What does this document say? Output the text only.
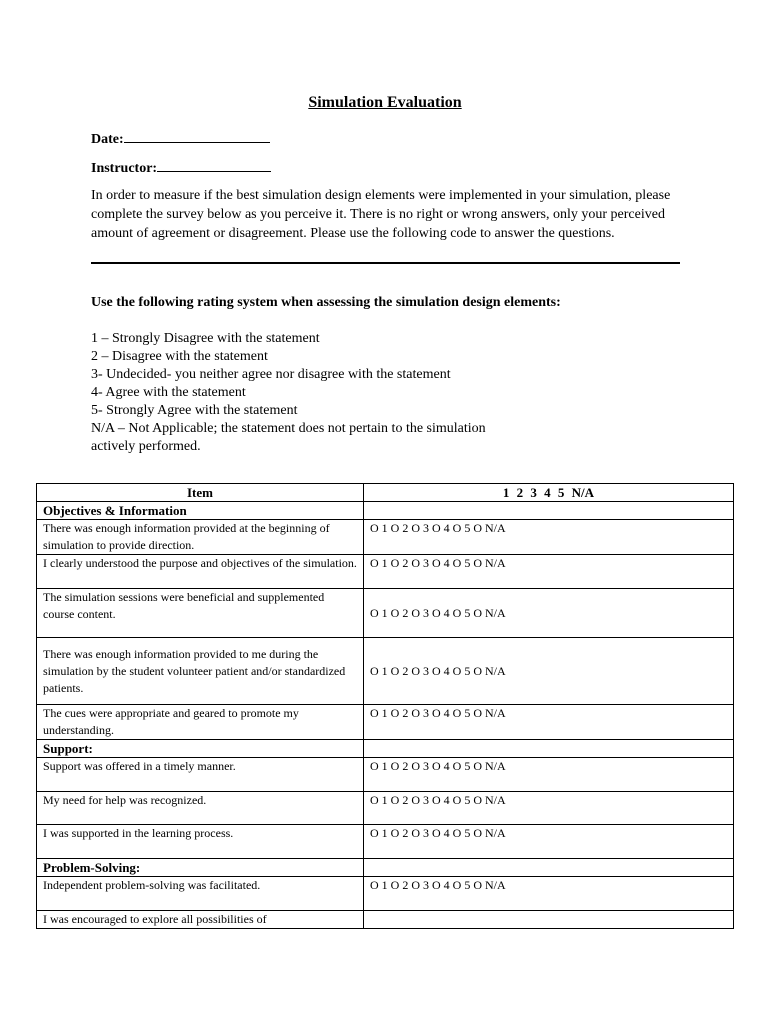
Simulation Evaluation
Date:
Instructor:
In order to measure if the best simulation design elements were implemented in your simulation, please complete the survey below as you perceive it. There is no right or wrong answers, only your perceived amount of agreement or disagreement. Please use the following code to answer the questions.
Use the following rating system when assessing the simulation design elements:
1 – Strongly Disagree with the statement
2 – Disagree with the statement
3- Undecided- you neither agree nor disagree with the statement
4- Agree with the statement
5- Strongly Agree with the statement
N/A – Not Applicable; the statement does not pertain to the simulation
actively performed.
Item	1 2 3 4 5 N/A
Objectives & Information	
There was enough information provided at the beginning of simulation to provide direction.	O 1 O 2 O 3 O 4 O 5 O N/A
I clearly understood the purpose and objectives of the simulation.	O 1 O 2 O 3 O 4 O 5 O N/A
The simulation sessions were beneficial and supplemented course content.	O 1 O 2 O 3 O 4 O 5 O N/A
There was enough information provided to me during the simulation by the student volunteer patient and/or standardized patients.	O 1 O 2 O 3 O 4 O 5 O N/A
The cues were appropriate and geared to promote my understanding.	O 1 O 2 O 3 O 4 O 5 O N/A
Support:	
Support was offered in a timely manner.	O 1 O 2 O 3 O 4 O 5 O N/A
My need for help was recognized.	O 1 O 2 O 3 O 4 O 5 O N/A
I was supported in the learning process.	O 1 O 2 O 3 O 4 O 5 O N/A
Problem-Solving:	
Independent problem-solving was facilitated.	O 1 O 2 O 3 O 4 O 5 O N/A
I was encouraged to explore all possibilities of	
